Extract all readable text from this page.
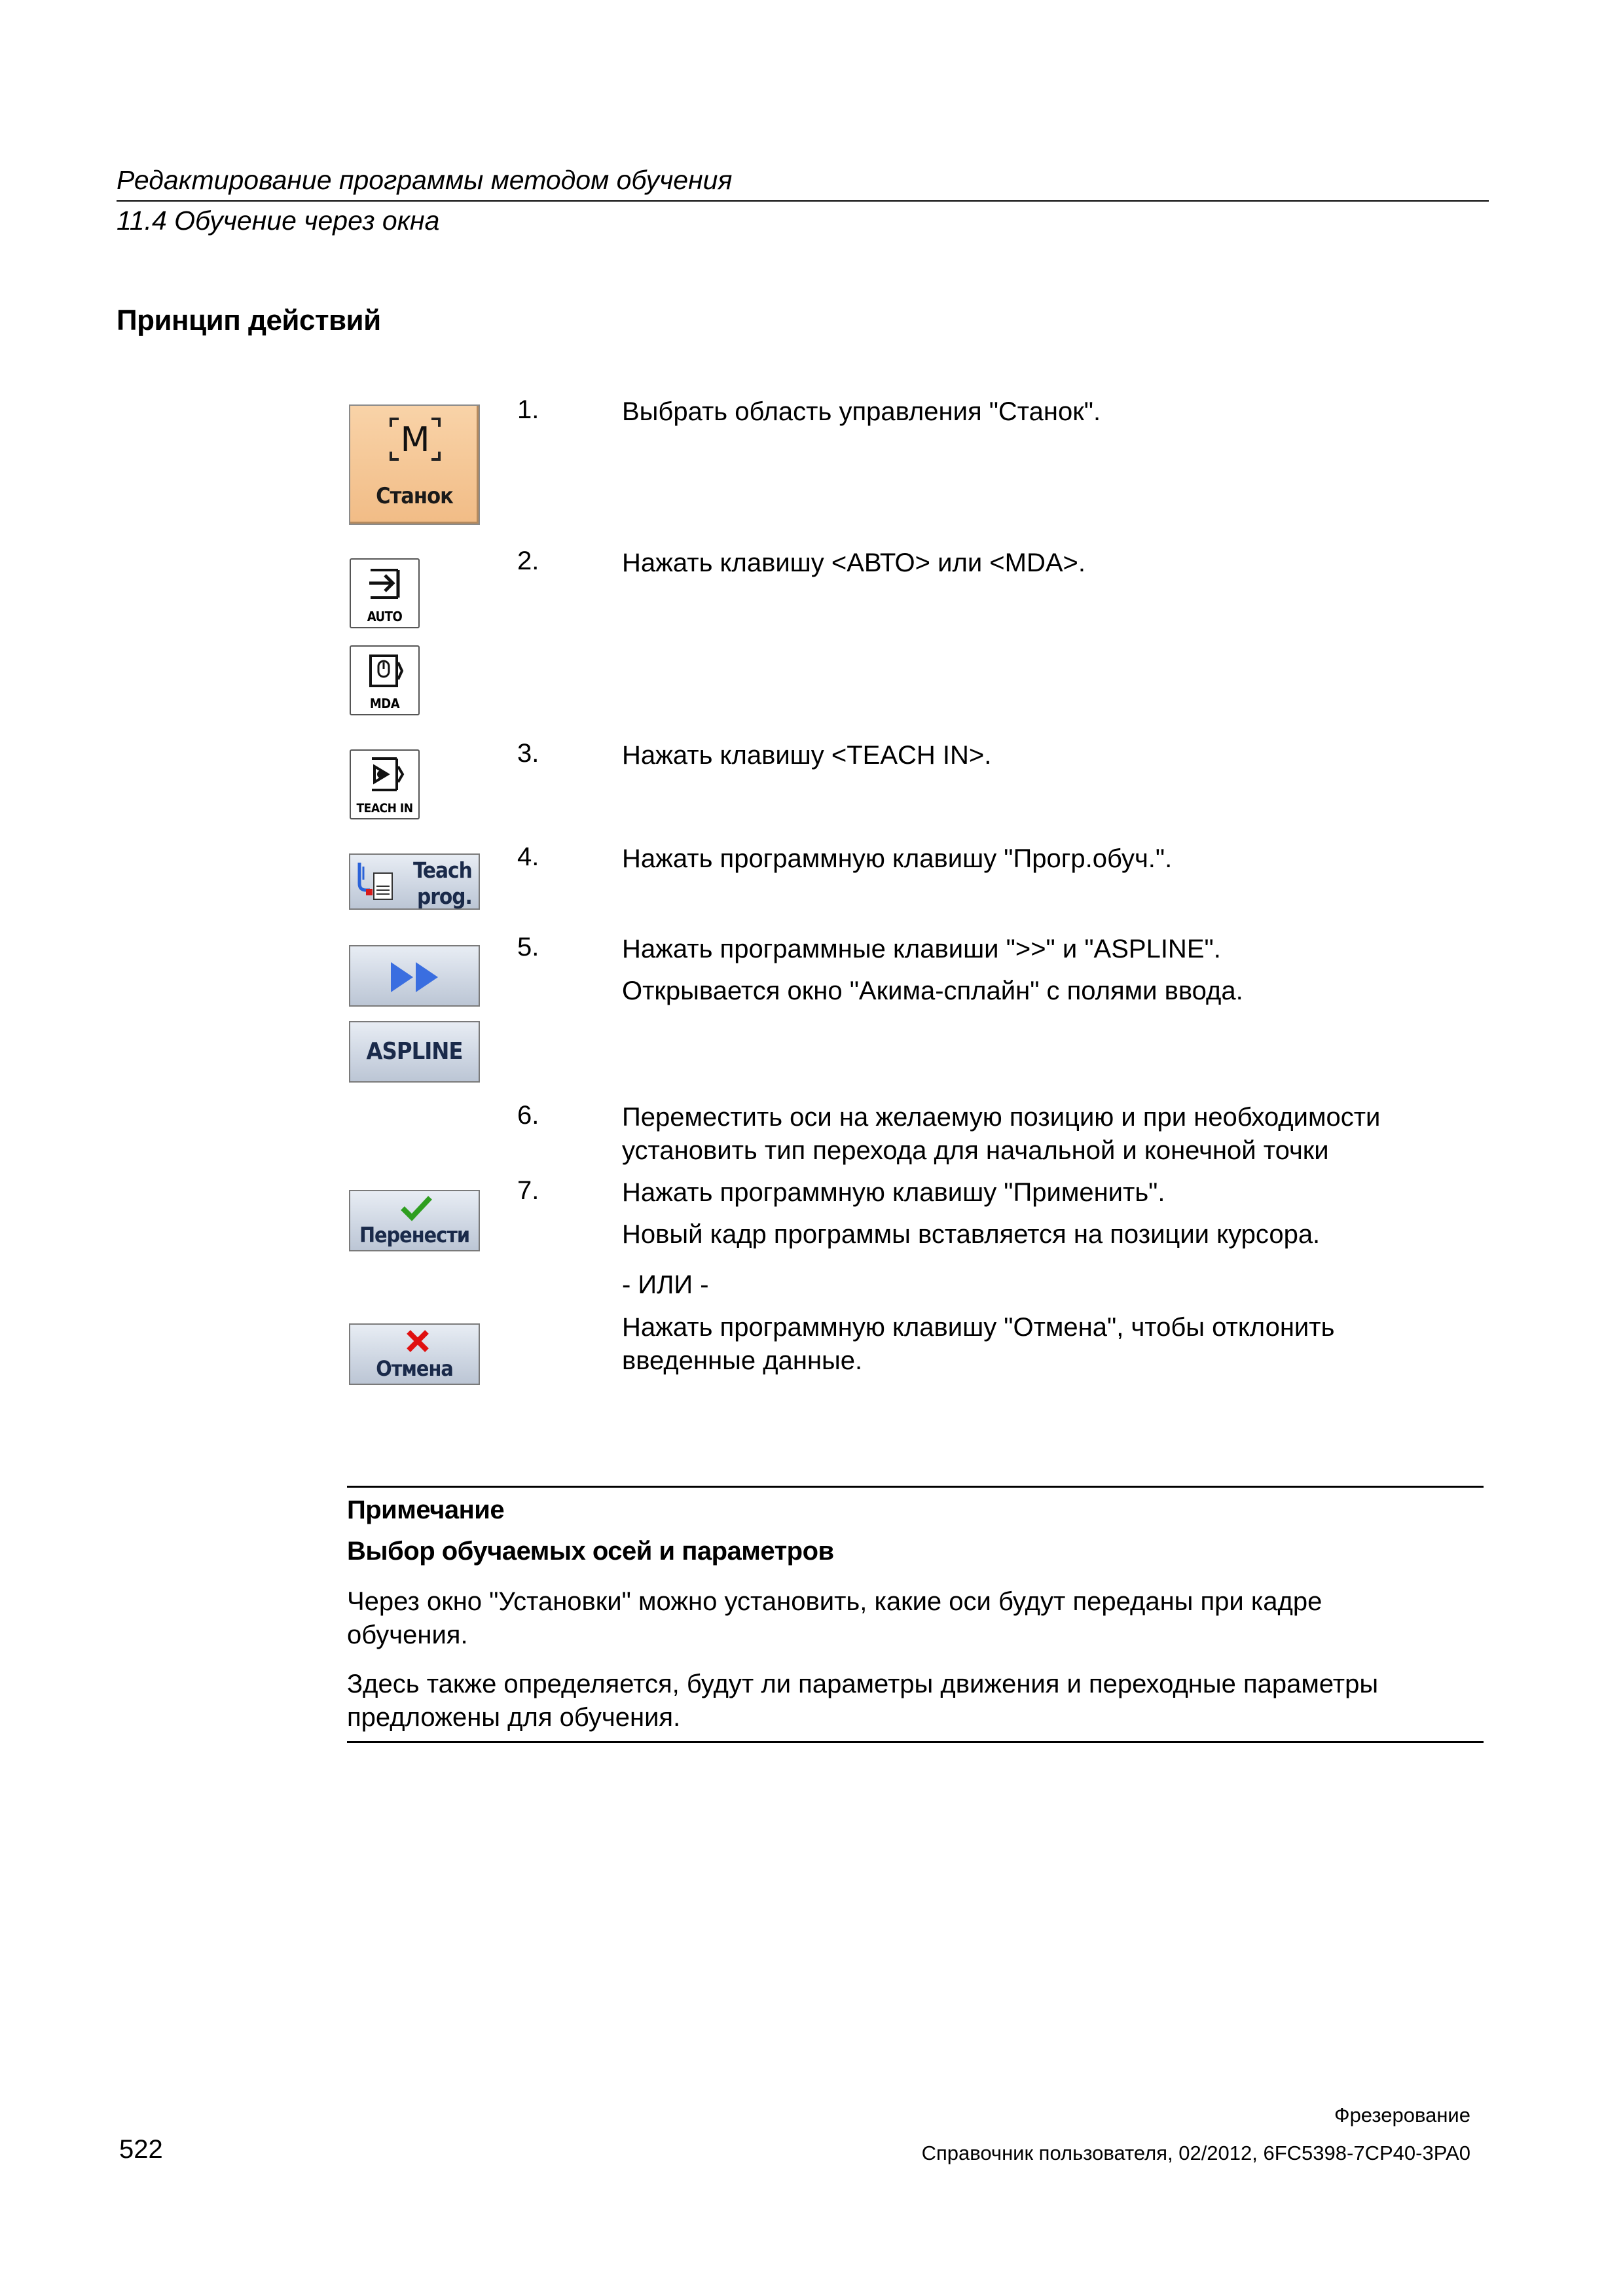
Редактирование программы методом обучения
11.4 Обучение через окна
Принцип действий
M
Станок
AUTO
MDA
TEACH IN
Teach
prog.
ASPLINE
Перенести
Отмена
1.	Выбрать область управления "Станок".
2.	Нажать клавишу <АВТО> или <MDA>.
3.	Нажать клавишу <TEACH IN>.
4.	Нажать программную клавишу "Прогр.обуч.".
5.	Нажать программные клавиши ">>" и "ASPLINE".
Открывается окно "Акима-сплайн" с полями ввода.
6.	Переместить оси на желаемую позицию и при необходимости
установить тип перехода для начальной и конечной точки
7.	Нажать программную клавишу "Применить".
Новый кадр программы вставляется на позиции курсора.
- ИЛИ -
Нажать программную клавишу "Отмена", чтобы отклонить
введенные данные.
Примечание
Выбор обучаемых осей и параметров
Через окно "Установки" можно установить, какие оси будут переданы при кадре
обучения.
Здесь также определяется, будут ли параметры движения и переходные параметры
предложены для обучения.
522
Фрезерование
Справочник пользователя, 02/2012, 6FC5398-7CP40-3PA0
